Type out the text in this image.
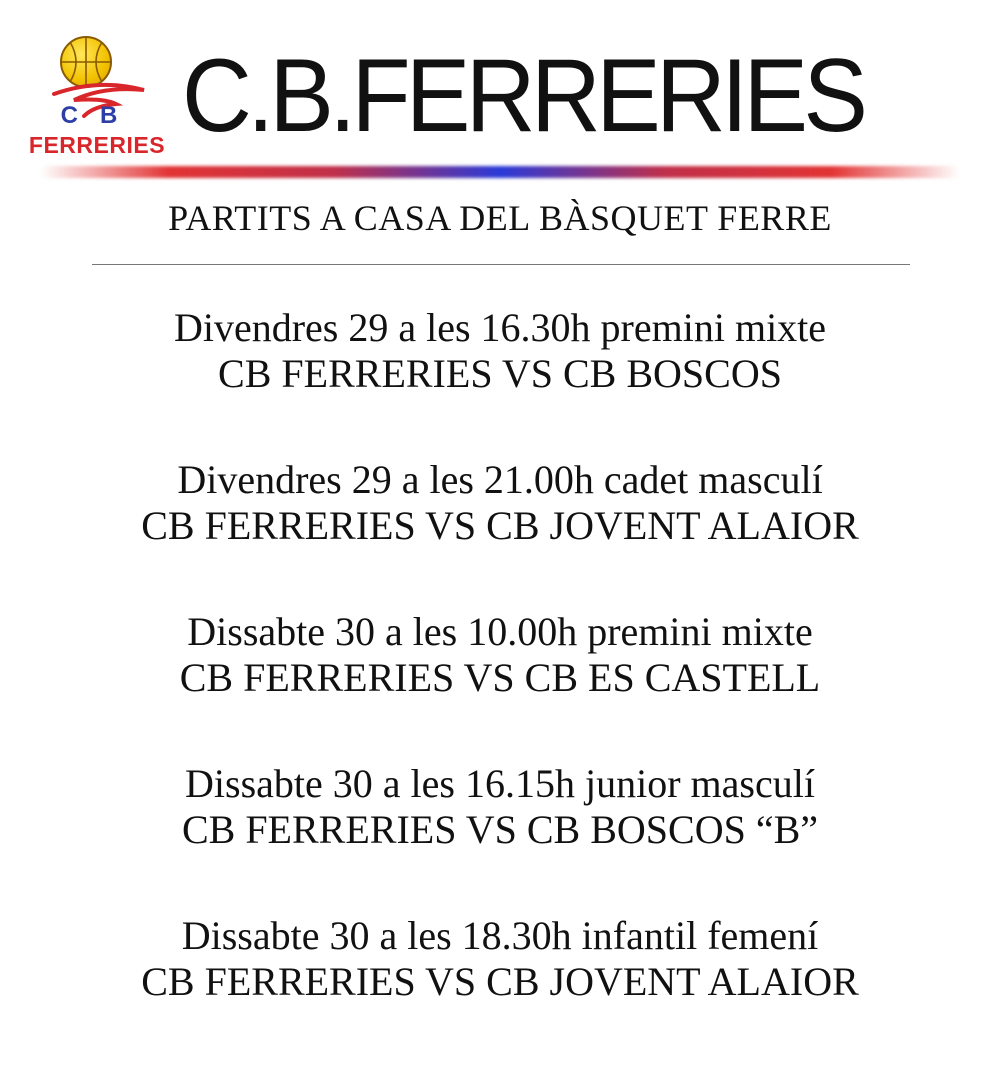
CB
FERRERIES C.B.FERRERIES
PARTITS A CASA DEL BÀSQUET FERRE
Divendres 29 a les 16.30h premini mixte
CB FERRERIES VS CB BOSCOS
Divendres 29 a les 21.00h cadet masculí
CB FERRERIES VS CB JOVENT ALAIOR
Dissabte 30 a les 10.00h premini mixte
CB FERRERIES VS CB ES CASTELL
Dissabte 30 a les 16.15h junior masculí
CB FERRERIES VS CB BOSCOS “B”
Dissabte 30 a les 18.30h infantil femení
CB FERRERIES VS CB JOVENT ALAIOR
